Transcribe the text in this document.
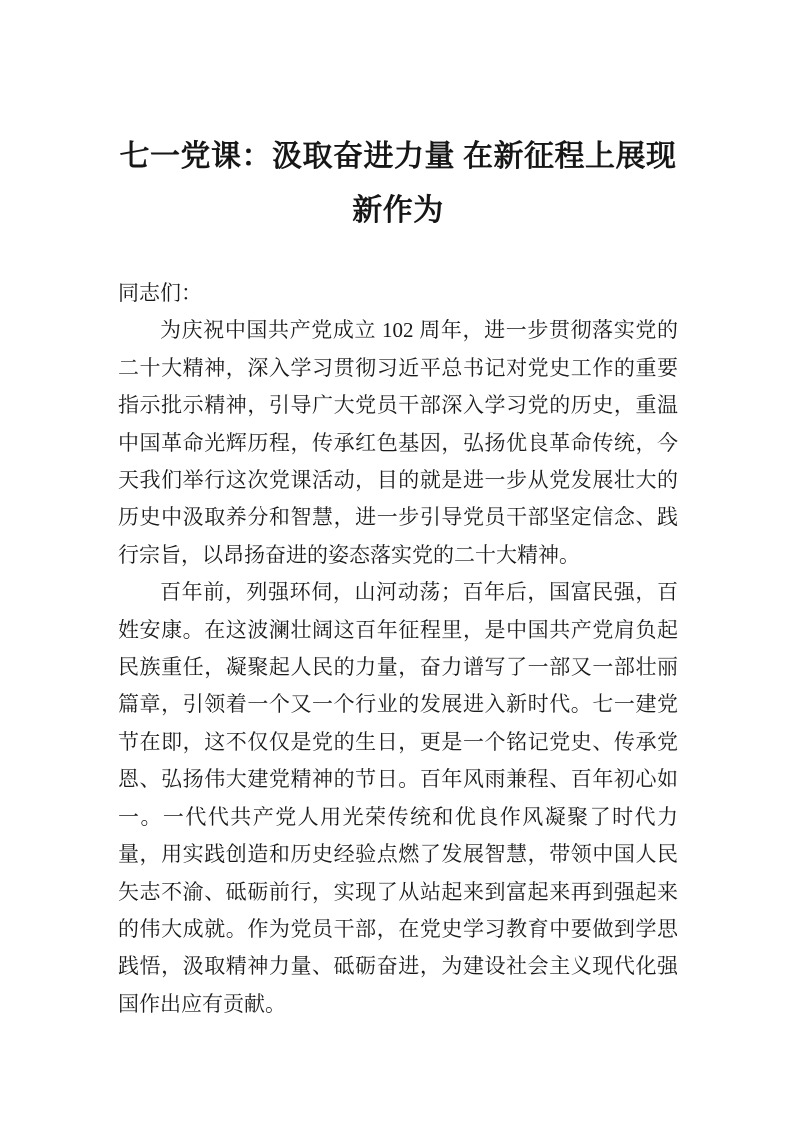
七一党课：汲取奋进力量 在新征程上展现
新作为

同志们：

为庆祝中国共产党成立 102 周年，进一步贯彻落实党的二十大精神，深入学习贯彻习近平总书记对党史工作的重要指示批示精神，引导广大党员干部深入学习党的历史，重温中国革命光辉历程，传承红色基因，弘扬优良革命传统，今天我们举行这次党课活动，目的就是进一步从党发展壮大的历史中汲取养分和智慧，进一步引导党员干部坚定信念、践行宗旨，以昂扬奋进的姿态落实党的二十大精神。

百年前，列强环伺，山河动荡；百年后，国富民强，百姓安康。在这波澜壮阔这百年征程里，是中国共产党肩负起民族重任，凝聚起人民的力量，奋力谱写了一部又一部壮丽篇章，引领着一个又一个行业的发展进入新时代。七一建党节在即，这不仅仅是党的生日，更是一个铭记党史、传承党恩、弘扬伟大建党精神的节日。百年风雨兼程、百年初心如一。一代代共产党人用光荣传统和优良作风凝聚了时代力量，用实践创造和历史经验点燃了发展智慧，带领中国人民矢志不渝、砥砺前行，实现了从站起来到富起来再到强起来的伟大成就。作为党员干部，在党史学习教育中要做到学思践悟，汲取精神力量、砥砺奋进，为建设社会主义现代化强国作出应有贡献。
